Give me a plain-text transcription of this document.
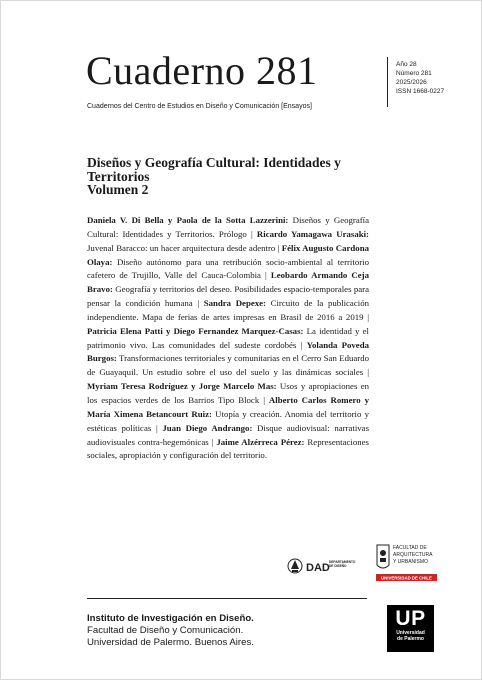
Cuaderno 281
Cuadernos del Centro de Estudios en Diseño y Comunicación [Ensayos]
Año 28
Número 281
2025/2026
ISSN 1668-0227
Diseños y Geografía Cultural: Identidades y Territorios
Volumen 2
Daniela V. Di Bella y Paola de la Sotta Lazzerini: Diseños y Geografía Cultural: Identidades y Territorios. Prólogo | Ricardo Yamagawa Urasaki: Juvenal Baracco: un hacer arquitectura desde adentro | Félix Augusto Cardona Olaya: Diseño autónomo para una retribución socio-ambiental al territorio cafetero de Trujillo, Valle del Cauca-Colombia | Leobardo Armando Ceja Bravo: Geografía y territorios del deseo. Posibilidades espacio-temporales para pensar la condición humana | Sandra Depexe: Circuito de la publicación independiente. Mapa de ferias de artes impresas en Brasil de 2016 a 2019 | Patricia Elena Patti y Diego Fernandez Marquez-Casas: La identidad y el patrimonio vivo. Las comunidades del sudeste cordobés | Yolanda Poveda Burgos: Transformaciones territoriales y comunitarias en el Cerro San Eduardo de Guayaquil. Un estudio sobre el uso del suelo y las dinámicas sociales | Myriam Teresa Rodríguez y Jorge Marcelo Mas: Usos y apropiaciones en los espacios verdes de los Barrios Tipo Block | Alberto Carlos Romero y María Ximena Betancourt Ruiz: Utopía y creación. Anomia del territorio y estéticas políticas | Juan Diego Andrango: Disque audiovisual: narrativas audiovisuales contra-hegemónicas | Jaime Alzérreca Pérez: Representaciones sociales, apropiación y configuración del territorio.
DAD DEPARTAMENTO DE DISEÑO
FACULTAD DE
ARQUITECTURA
Y URBANISMO
UNIVERSIDAD DE CHILE
Instituto de Investigación en Diseño.
Facultad de Diseño y Comunicación.
Universidad de Palermo. Buenos Aires.
UP
Universidad
de Palermo
